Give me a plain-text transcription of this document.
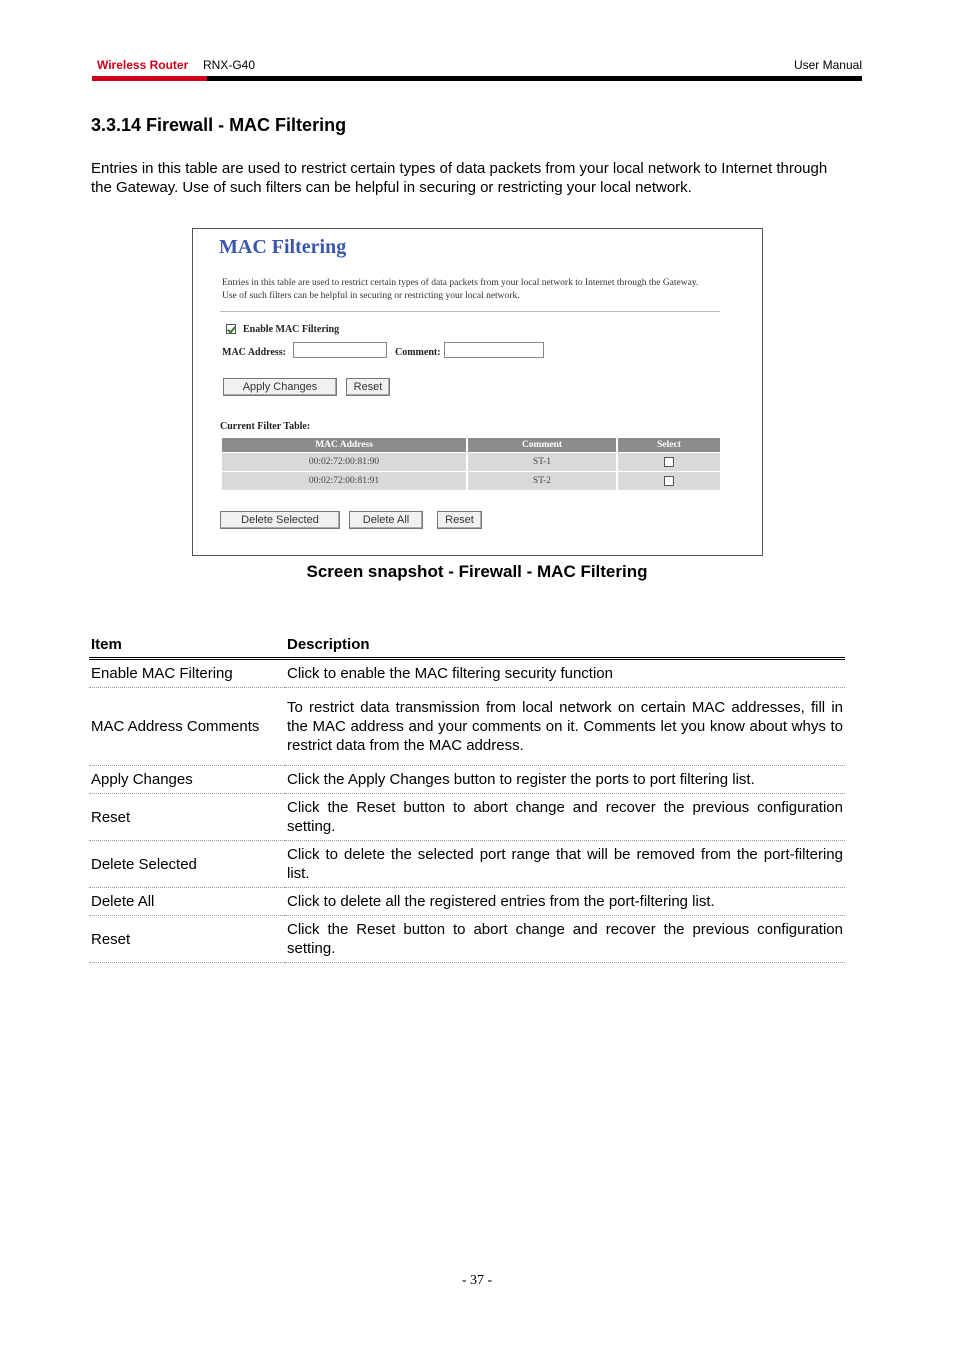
Wireless Router RNX-G40	User Manual
3.3.14 Firewall - MAC Filtering
Entries in this table are used to restrict certain types of data packets from your local network to Internet through the Gateway. Use of such filters can be helpful in securing or restricting your local network.
MAC Filtering
Entries in this table are used to restrict certain types of data packets from your local network to Internet through the Gateway. Use of such filters can be helpful in securing or restricting your local network.
Enable MAC Filtering
MAC Address:	Comment:
Apply Changes	Reset
Current Filter Table:
MAC Address	Comment	Select
00:02:72:00:81:90	ST-1	
00:02:72:00:81:91	ST-2	
Delete Selected	Delete All	Reset
Screen snapshot - Firewall - MAC Filtering
Item	Description
Enable MAC Filtering	Click to enable the MAC filtering security function
MAC Address Comments	To restrict data transmission from local network on certain MAC addresses, fill in the MAC address and your comments on it. Comments let you know about whys to restrict data from the MAC address.
Apply Changes	Click the Apply Changes button to register the ports to port filtering list.
Reset	Click the Reset button to abort change and recover the previous configuration setting.
Delete Selected	Click to delete the selected port range that will be removed from the port-filtering list.
Delete All	Click to delete all the registered entries from the port-filtering list.
Reset	Click the Reset button to abort change and recover the previous configuration setting.
- 37 -
